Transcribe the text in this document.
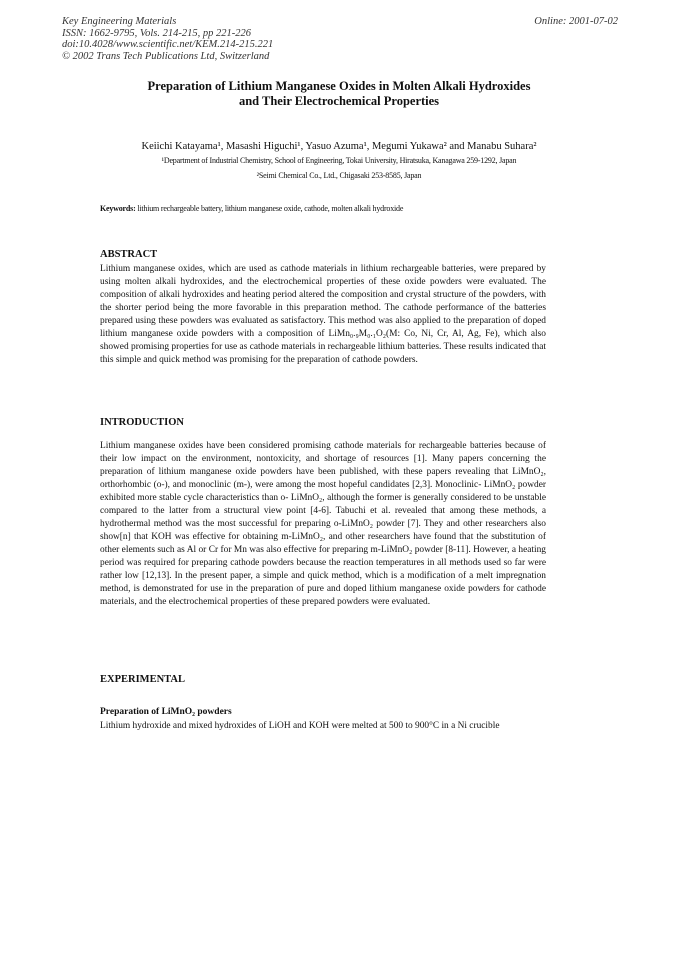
Key Engineering Materials
ISSN: 1662-9795, Vols. 214-215, pp 221-226
doi:10.4028/www.scientific.net/KEM.214-215.221
© 2002 Trans Tech Publications Ltd, Switzerland
Online: 2001-07-02
Preparation of Lithium Manganese Oxides in Molten Alkali Hydroxides
and Their Electrochemical Properties
Keiichi Katayama¹, Masashi Higuchi¹, Yasuo Azuma¹, Megumi Yukawa² and Manabu Suhara²
¹Department of Industrial Chemistry, School of Engineering, Tokai University, Hiratsuka, Kanagawa 259-1292, Japan
²Seimi Chemical Co., Ltd., Chigasaki 253-8585, Japan
Keywords: lithium rechargeable battery, lithium manganese oxide, cathode, molten alkali hydroxide
ABSTRACT
Lithium manganese oxides, which are used as cathode materials in lithium rechargeable batteries, were prepared by using molten alkali hydroxides, and the electrochemical properties of these oxide powders were evaluated. The composition of alkali hydroxides and heating period altered the composition and crystal structure of the powders, with the shorter period being the more favorable in this preparation method. The cathode performance of the batteries prepared using these powders was evaluated as satisfactory. This method was also applied to the preparation of doped lithium manganese oxide powders with a composition of LiMn₀.₉M₀.₁O₂(M: Co, Ni, Cr, Al, Ag, Fe), which also showed promising properties for use as cathode materials in rechargeable lithium batteries. These results indicated that this simple and quick method was promising for the preparation of cathode powders.
INTRODUCTION
Lithium manganese oxides have been considered promising cathode materials for rechargeable batteries because of their low impact on the environment, nontoxicity, and shortage of resources [1]. Many papers concerning the preparation of lithium manganese oxide powders have been published, with these papers revealing that LiMnO₂, orthorhombic (o-), and monoclinic (m-), were among the most hopeful candidates [2,3]. Monoclinic- LiMnO₂ powder exhibited more stable cycle characteristics than o- LiMnO₂, although the former is generally considered to be unstable compared to the latter from a structural view point [4-6]. Tabuchi et al. revealed that among these methods, a hydrothermal method was the most successful for preparing o-LiMnO₂ powder [7]. They and other researchers also show[n] that KOH was effective for obtaining m-LiMnO₂, and other researchers have found that the substitution of other elements such as Al or Cr for Mn was also effective for preparing m-LiMnO₂ powder [8-11]. However, a heating period was required for preparing cathode powders because the reaction temperatures in all methods used so far were rather low [12,13]. In the present paper, a simple and quick method, which is a modification of a melt impregnation method, is demonstrated for use in the preparation of pure and doped lithium manganese oxide powders for cathode materials, and the electrochemical properties of these prepared powders were evaluated.
EXPERIMENTAL
Preparation of LiMnO₂ powders
Lithium hydroxide and mixed hydroxides of LiOH and KOH were melted at 500 to 900°C in a Ni crucible
